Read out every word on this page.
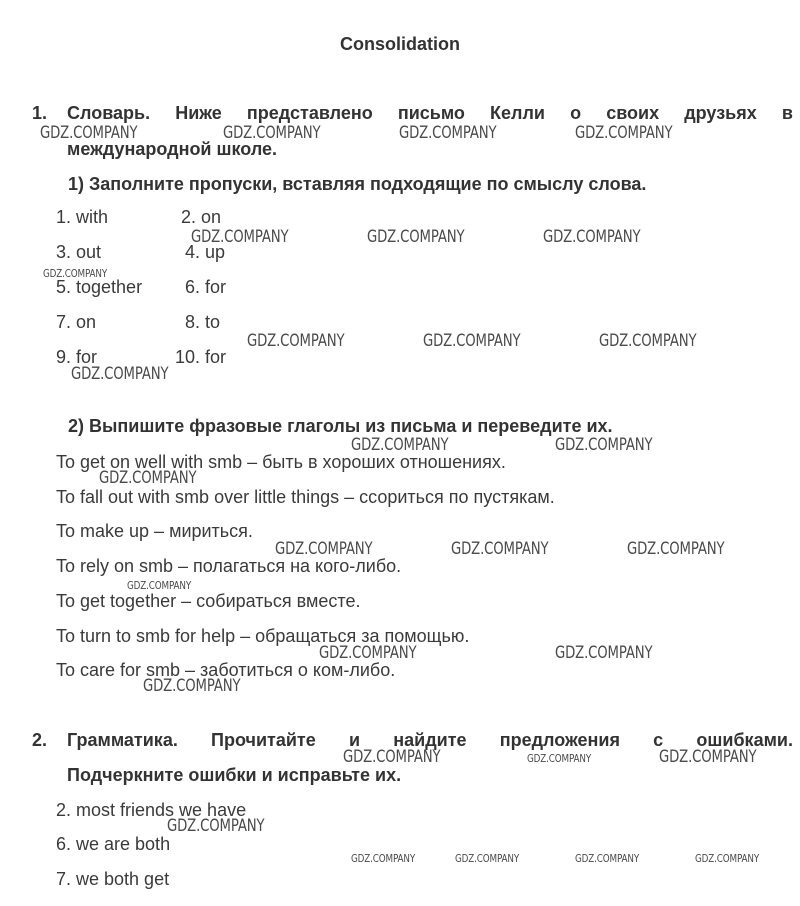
Consolidation
1. Словарь. Ниже представлено письмо Келли о своих друзьях в
международной школе.
1) Заполните пропуски, вставляя подходящие по смыслу слова.
1. with	2. on
3. out	4. up
5. together 6. for
7. on	8. to
9. for	10. for
2) Выпишите фразовые глаголы из письма и переведите их.
To get on well with smb – быть в хороших отношениях.
To fall out with smb over little things – ссориться по пустякам.
To make up – мириться.
To rely on smb – полагаться на кого-либо.
To get together – собираться вместе.
To turn to smb for help – обращаться за помощью.
To care for smb – заботиться о ком-либо.
2. Грамматика. Прочитайте и найдите предложения с ошибками.
Подчеркните ошибки и исправьте их.
2. most friends we have
6. we are both
7. we both get
GDZ.COMPANY	GDZ.COMPANY	GDZ.COMPANY	GDZ.COMPANY
GDZ.COMPANY	GDZ.COMPANY	GDZ.COMPANY
GDZ.COMPANY
GDZ.COMPANY	GDZ.COMPANY	GDZ.COMPANY
GDZ.COMPANY
GDZ.COMPANY	GDZ.COMPANY
GDZ.COMPANY
GDZ.COMPANY	GDZ.COMPANY	GDZ.COMPANY
GDZ.COMPANY
GDZ.COMPANY	GDZ.COMPANY
GDZ.COMPANY
GDZ.COMPANY	GDZ.COMPANY	GDZ.COMPANY
GDZ.COMPANY
GDZ.COMPANY	GDZ.COMPANY	GDZ.COMPANY	GDZ.COMPANY
